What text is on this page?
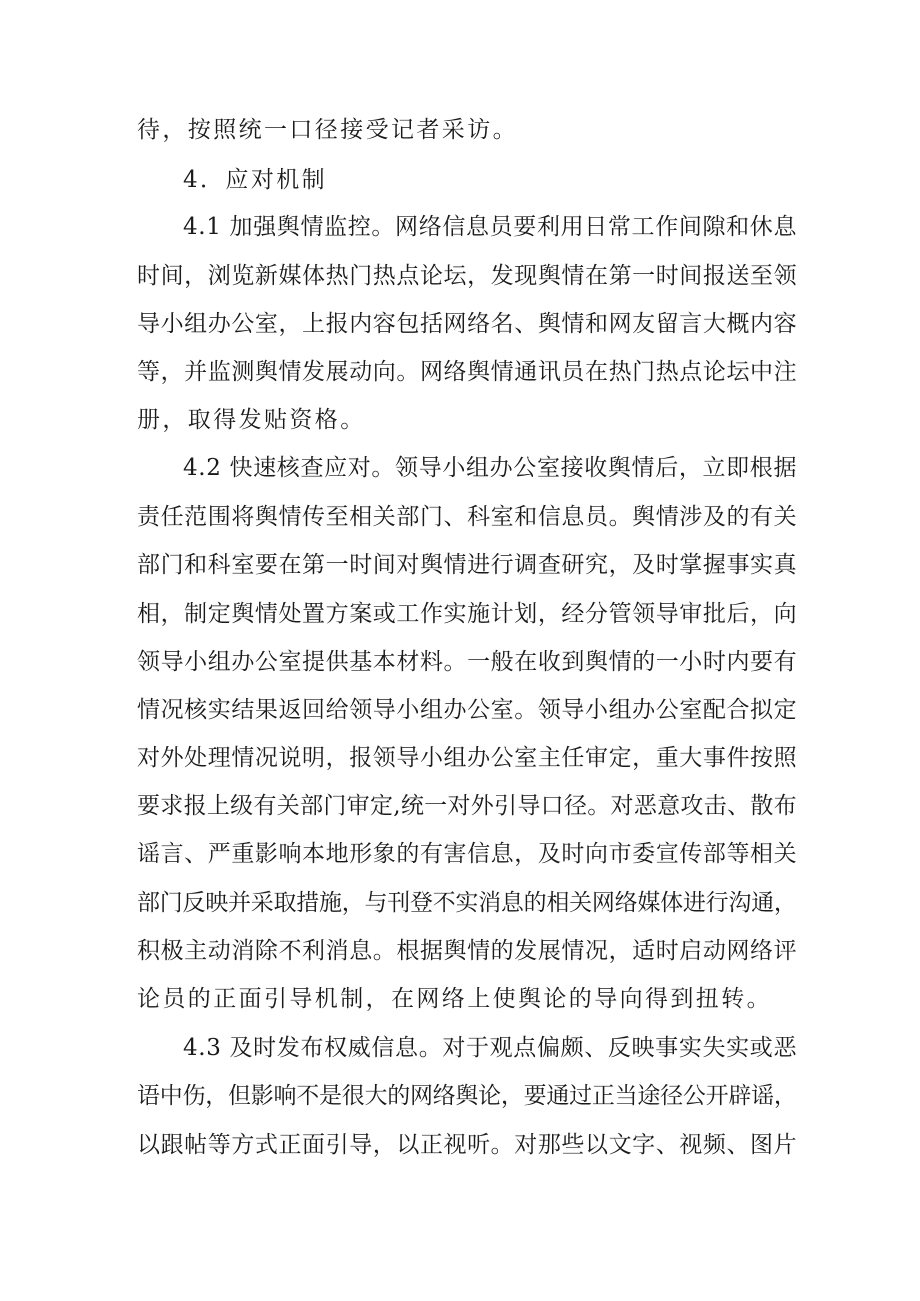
待，按照统一口径接受记者采访。
4．应对机制
4.1 加强舆情监控。网络信息员要利用日常工作间隙和休息
时间，浏览新媒体热门热点论坛，发现舆情在第一时间报送至领
导小组办公室，上报内容包括网络名、舆情和网友留言大概内容
等，并监测舆情发展动向。网络舆情通讯员在热门热点论坛中注
册，取得发贴资格。
4.2 快速核查应对。领导小组办公室接收舆情后，立即根据
责任范围将舆情传至相关部门、科室和信息员。舆情涉及的有关
部门和科室要在第一时间对舆情进行调查研究，及时掌握事实真
相，制定舆情处置方案或工作实施计划，经分管领导审批后，向
领导小组办公室提供基本材料。一般在收到舆情的一小时内要有
情况核实结果返回给领导小组办公室。领导小组办公室配合拟定
对外处理情况说明，报领导小组办公室主任审定，重大事件按照
要求报上级有关部门审定,统一对外引导口径。对恶意攻击、散布
谣言、严重影响本地形象的有害信息，及时向市委宣传部等相关
部门反映并采取措施，与刊登不实消息的相关网络媒体进行沟通，
积极主动消除不利消息。根据舆情的发展情况，适时启动网络评
论员的正面引导机制，在网络上使舆论的导向得到扭转。
4.3 及时发布权威信息。对于观点偏颇、反映事实失实或恶
语中伤，但影响不是很大的网络舆论，要通过正当途径公开辟谣，
以跟帖等方式正面引导，以正视听。对那些以文字、视频、图片
